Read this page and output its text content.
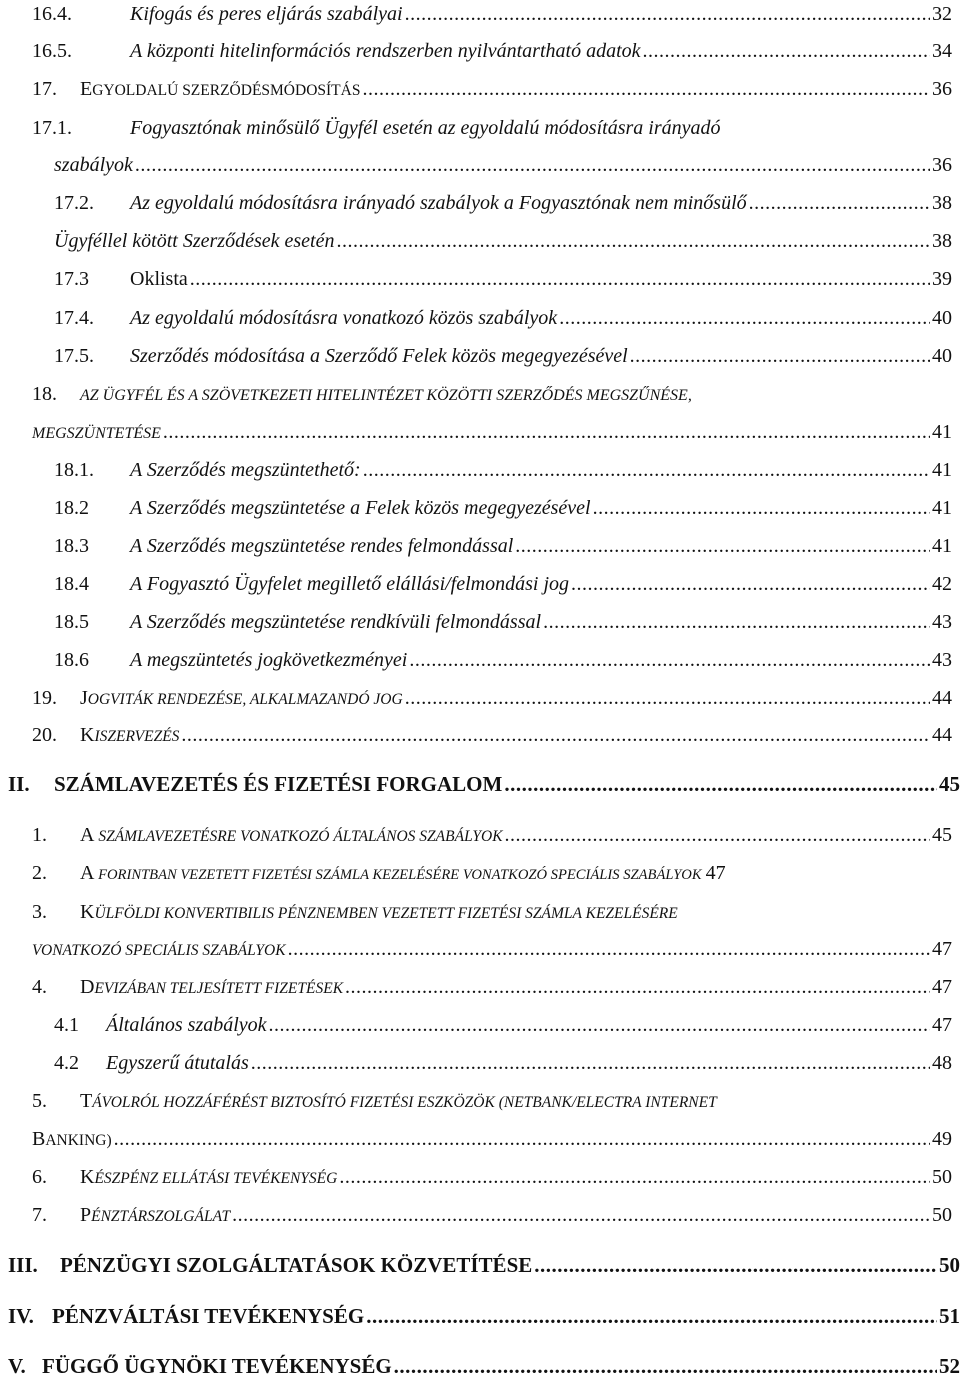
16.4.	Kifogás és peres eljárás szabályai .....	32
16.5.	A központi hitelinformációs rendszerben nyilvántartható adatok .....	34
17.	EGYOLDALÚ SZERZŐDÉSMÓDOSÍTÁS .....	36
17.1.	Fogyasztónak minősülő Ügyfél esetén az egyoldalú módosításra irányadó
szabályok .....	36
17.2.	Az egyoldalú módosításra irányadó szabályok a Fogyasztónak nem minősülő .....	38
Ügyféllel kötött Szerződések esetén .....	38
17.3	Oklista .....	39
17.4.	Az egyoldalú módosításra vonatkozó közös szabályok .....	40
17.5.	Szerződés módosítása a Szerződő Felek közös megegyezésével .....	40
18.	AZ ÜGYFÉL ÉS A SZÖVETKEZETI HITELINTÉZET KÖZÖTTI SZERZŐDÉS MEGSZŰNÉSE,
MEGSZÜNTETÉSE .....	41
18.1.	A Szerződés megszüntethető: .....	41
18.2	A Szerződés megszüntetése a Felek közös megegyezésével .....	41
18.3	A Szerződés megszüntetése rendes felmondással .....	41
18.4	A Fogyasztó Ügyfelet megillető elállási/felmondási jog .....	42
18.5	A Szerződés megszüntetése rendkívüli felmondással .....	43
18.6	A megszüntetés jogkövetkezményei .....	43
19.	JOGVITÁK RENDEZÉSE, ALKALMAZANDÓ JOG .....	44
20.	KISZERVEZÉS .....	44
II.	SZÁMLAVEZETÉS ÉS FIZETÉSI FORGALOM .....	45
1.	A SZÁMLAVEZETÉSRE VONATKOZÓ ÁLTALÁNOS SZABÁLYOK .....	45
2.	A FORINTBAN VEZETETT FIZETÉSI SZÁMLA KEZELÉSÉRE VONATKOZÓ SPECIÁLIS SZABÁLYOK 47
3.	KÜLFÖLDI KONVERTIBILIS PÉNZNEMBEN VEZETETT FIZETÉSI SZÁMLA KEZELÉSÉRE
VONATKOZÓ SPECIÁLIS SZABÁLYOK .....	47
4.	DEVIZÁBAN TELJESÍTETT FIZETÉSEK .....	47
4.1	Általános szabályok .....	47
4.2	Egyszerű átutalás .....	48
5.	TÁVOLRÓL HOZZÁFÉRÉST BIZTOSÍTÓ FIZETÉSI ESZKÖZÖK (NETBANK/ELECTRA INTERNET
BANKING) .....	49
6.	KÉSZPÉNZ ELLÁTÁSI TEVÉKENYSÉG .....	50
7.	PÉNZTÁRSZOLGÁLAT .....	50
III.	PÉNZÜGYI SZOLGÁLTATÁSOK KÖZVETÍTÉSE .....	50
IV. PÉNZVÁLTÁSI TEVÉKENYSÉG .....	51
V. FÜGGŐ ÜGYNÖKI TEVÉKENYSÉG .....	52
